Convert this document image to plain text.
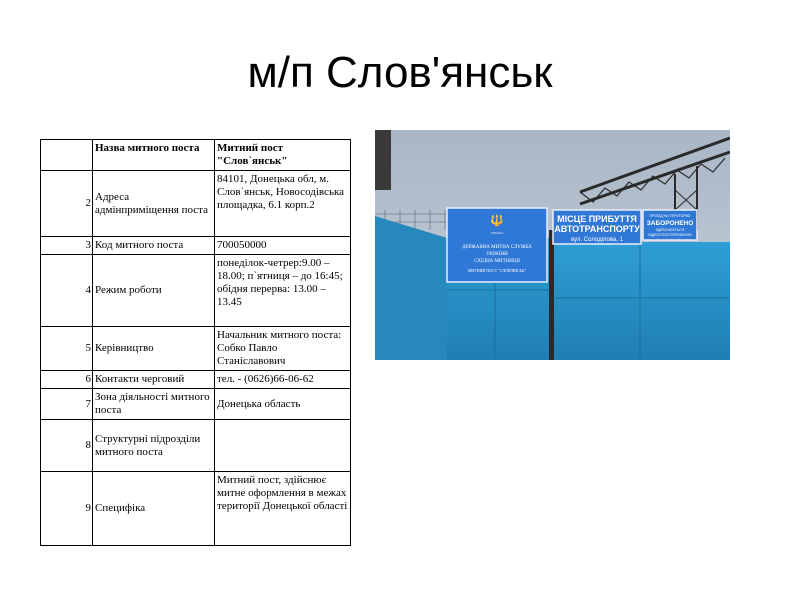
м/п Слов'янськ
	Назва митного поста	Митний пост "Слов`янськ"
2	Адреса адмінприміщення поста	84101, Донецька обл, м. Слов`янськ, Новосодівська площадка, 6.1 корп.2
3	Код митного поста	700050000
4	Режим роботи	понеділок-четрер:9.00 – 18.00; п`ятниця – до 16:45; обідня перерва: 13.00 – 13.45
5	Керівництво	Начальник митного поста: Собко Павло Станіславович
6	Контакти черговий	тел. - (0626)66-06-62
7	Зона діяльності митного поста	Донецька область
8	Структурні підрозділи митного поста	
9	Специфіка	Митний пост, здійснює митне оформлення в межах території Донецької області
🔱
УКРАЇНА
ДЕРЖАВНА МИТНА СЛУЖБА
УКРАЇНИ
СХІДНА МИТНИЦЯ
МИТНИЙ ПОСТ "СЛОВ'ЯНСЬК"
МІСЦЕ ПРИБУТТЯ
АВТОТРАНСПОРТУ
вул. Солоділова, 1
ПРОЇЗД НА ТЕРИТОРІЮ
ЗАБОРОНЕНО
ЗДІЙСНЮЄТЬСЯ
ВІДЕОСПОСТЕРЕЖЕННЯ
